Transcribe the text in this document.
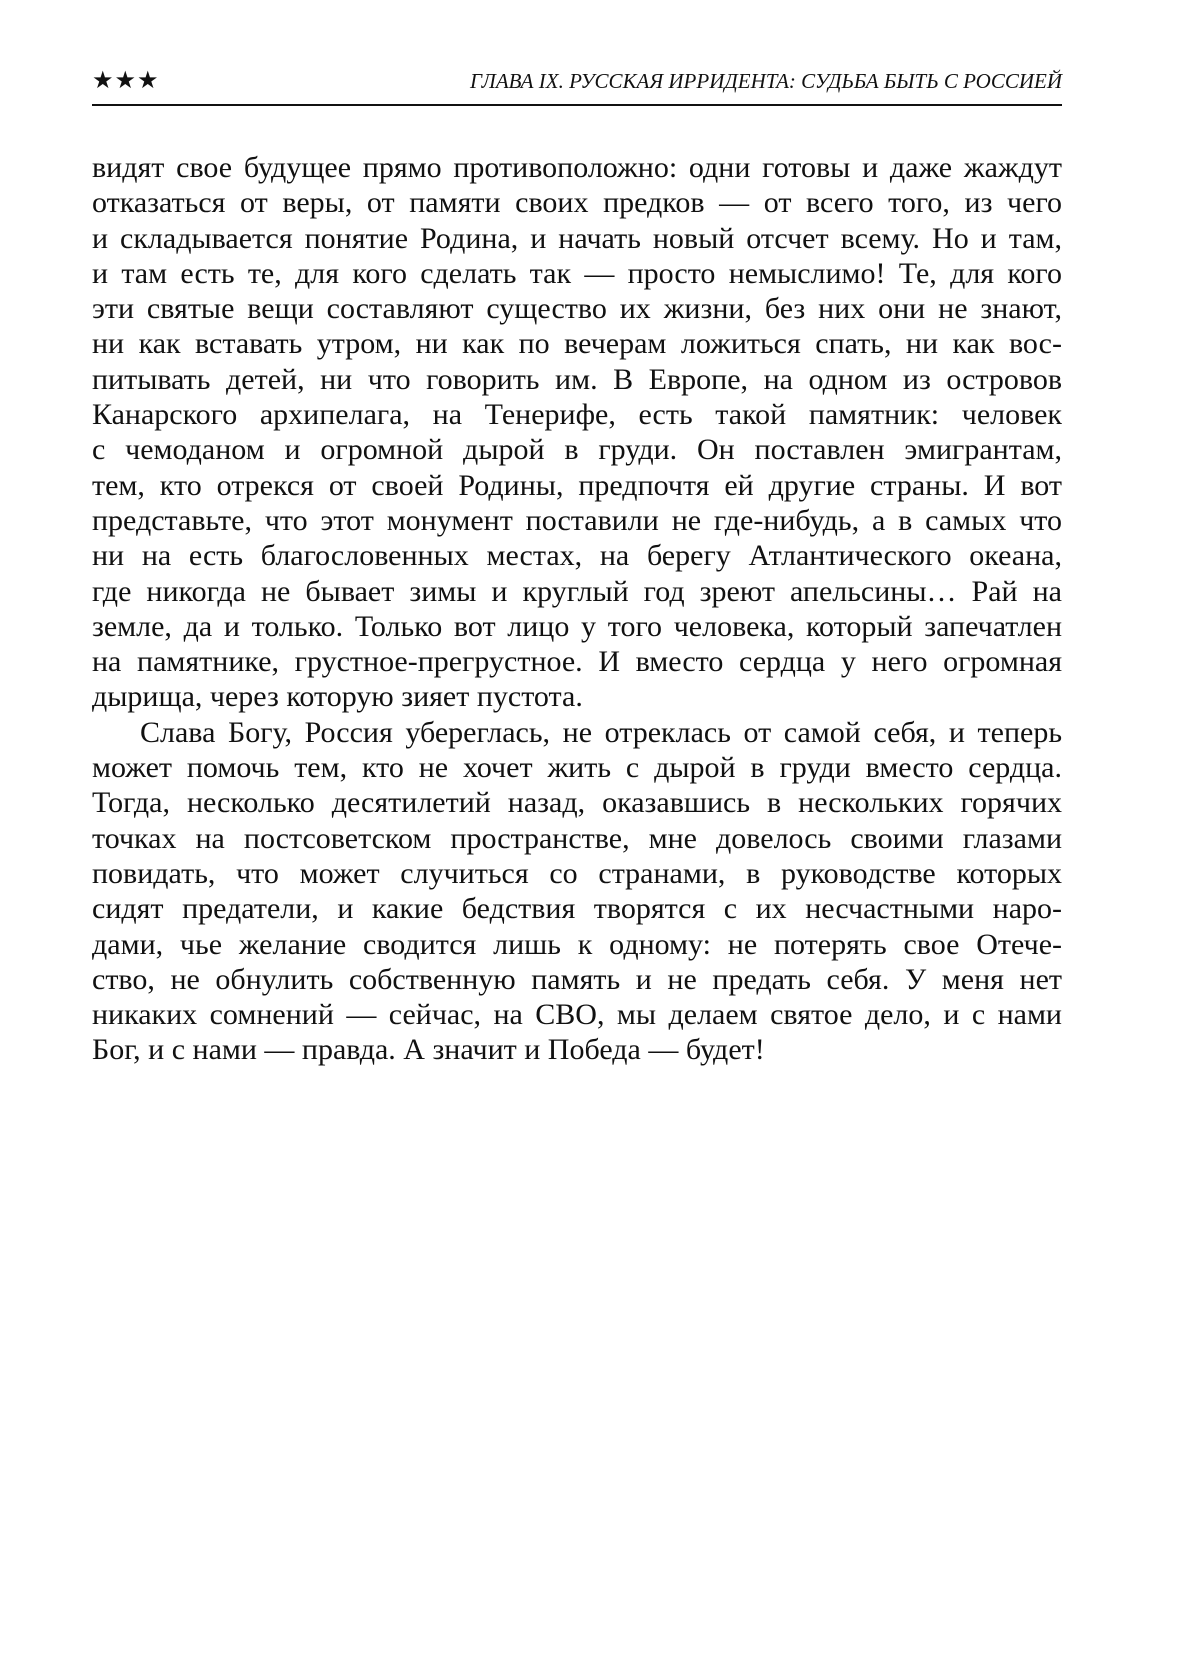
★★★	ГЛАВА IX. РУССКАЯ ИРРИДЕНТА: СУДЬБА БЫТЬ С РОССИЕЙ
видят свое будущее прямо противоположно: одни готовы и даже жаждут
отказаться от веры, от памяти своих предков — от всего того, из чего
и складывается понятие Родина, и начать новый отсчет всему. Но и там,
и там есть те, для кого сделать так — просто немыслимо! Те, для кого
эти святые вещи составляют существо их жизни, без них они не знают,
ни как вставать утром, ни как по вечерам ложиться спать, ни как вос-
питывать детей, ни что говорить им. В Европе, на одном из островов
Канарского архипелага, на Тенерифе, есть такой памятник: человек
с чемоданом и огромной дырой в груди. Он поставлен эмигрантам,
тем, кто отрекся от своей Родины, предпочтя ей другие страны. И вот
представьте, что этот монумент поставили не где-нибудь, а в самых что
ни на есть благословенных местах, на берегу Атлантического океана,
где никогда не бывает зимы и круглый год зреют апельсины… Рай на
земле, да и только. Только вот лицо у того человека, который запечатлен
на памятнике, грустное-прегрустное. И вместо сердца у него огромная
дырища, через которую зияет пустота.
Слава Богу, Россия убереглась, не отреклась от самой себя, и теперь
может помочь тем, кто не хочет жить с дырой в груди вместо сердца.
Тогда, несколько десятилетий назад, оказавшись в нескольких горячих
точках на постсоветском пространстве, мне довелось своими глазами
повидать, что может случиться со странами, в руководстве которых
сидят предатели, и какие бедствия творятся с их несчастными наро-
дами, чье желание сводится лишь к одному: не потерять свое Отече-
ство, не обнулить собственную память и не предать себя. У меня нет
никаких сомнений — сейчас, на СВО, мы делаем святое дело, и с нами
Бог, и с нами — правда. А значит и Победа — будет!
